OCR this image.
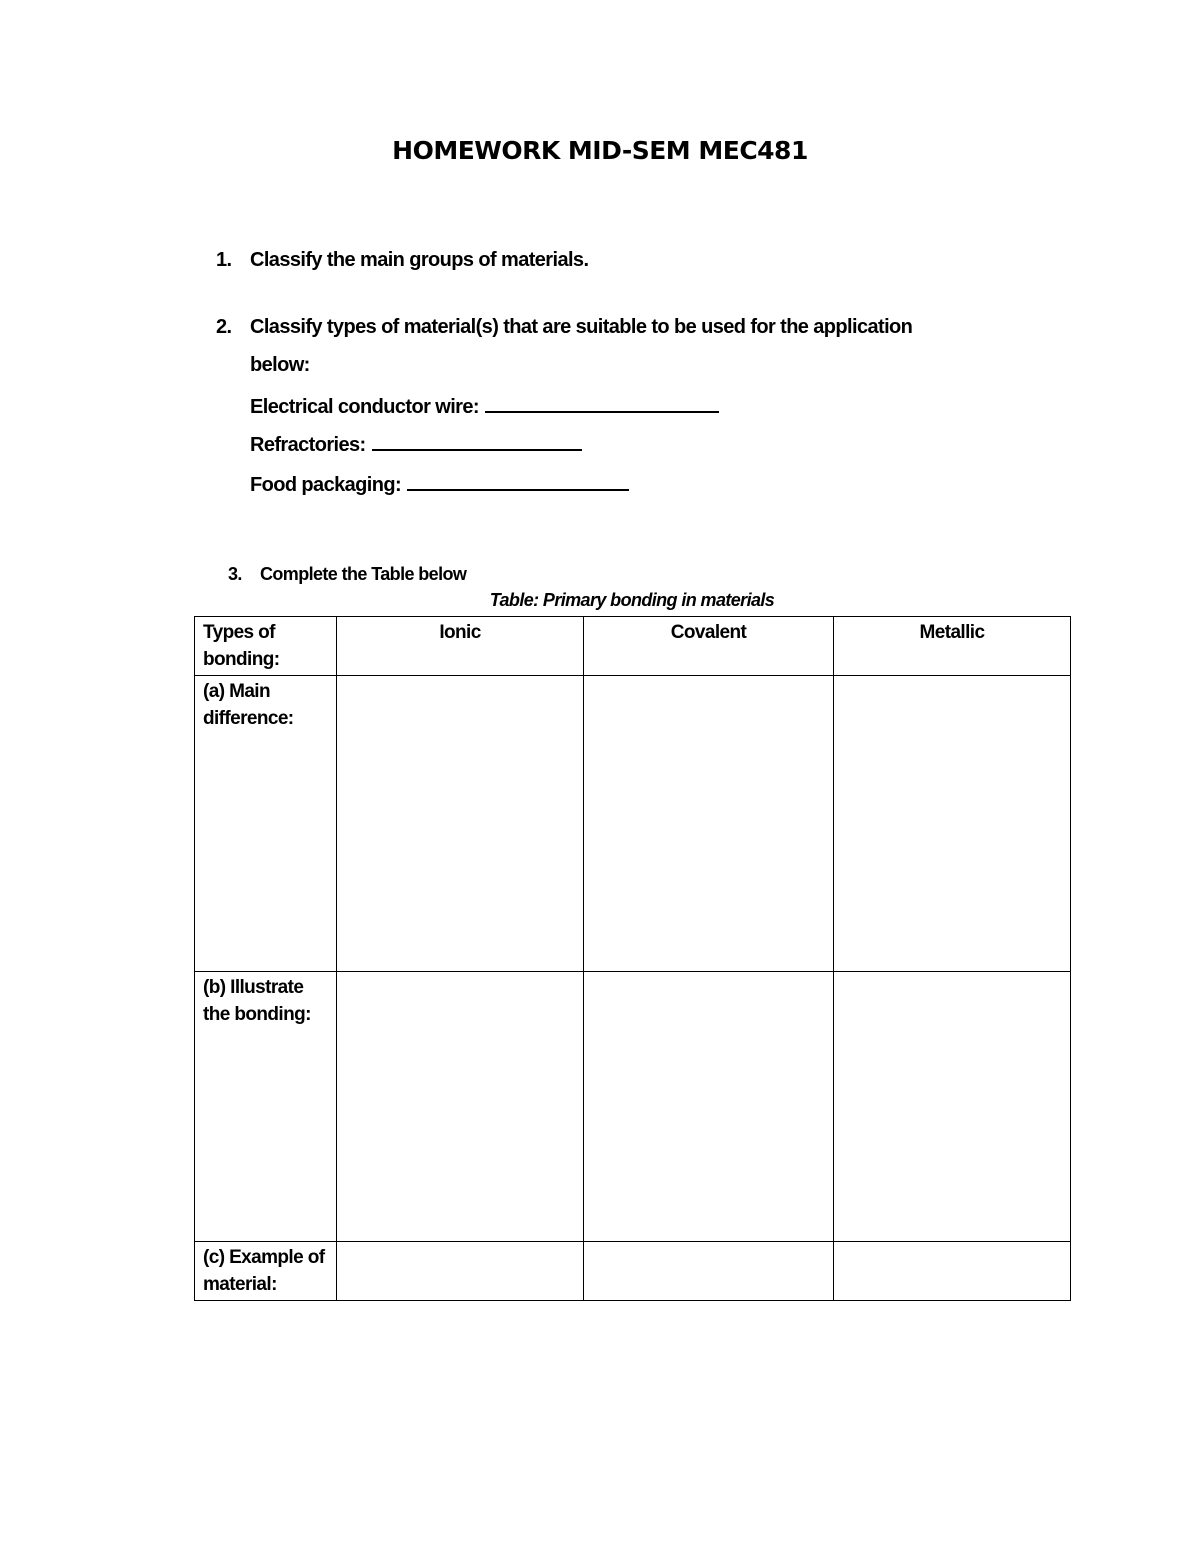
HOMEWORK MID-SEM MEC481
1. Classify the main groups of materials.
2. Classify types of material(s) that are suitable to be used for the application
below:
Electrical conductor wire:
Refractories:
Food packaging:
3. Complete the Table below
Table: Primary bonding in materials
Types of bonding:	Ionic	Covalent	Metallic
(a) Main difference:			
(b) Illustrate the bonding:			
(c) Example of material:			
